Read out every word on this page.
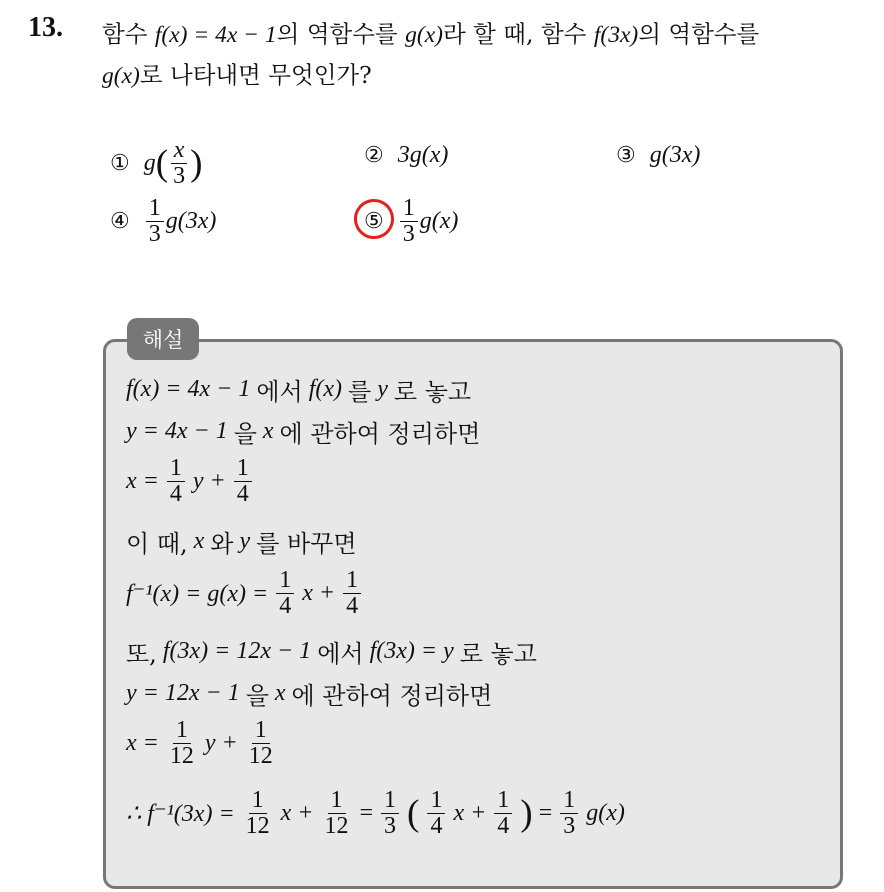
13. 함수 f(x) = 4x − 1의 역함수를 g(x)라 할 때, 함수 f(3x)의 역함수를
g(x)로 나타내면 무엇인가?
① g ( $\frac{x}{3}$ )	② 3g(x)	③ g(3x)
④ $\frac{1}{3} g(3x)$	⑤ $\frac{1}{3} g(x)$
해설
f(x) = 4x − 1 에서 f(x) 를 y 로 놓고
y = 4x − 1 을 x 에 관하여 정리하면
$x = \frac{1}{4}$ $y + \frac{1}{4}$
이 때, x 와 y 를 바꾸면
$f^{-1}(x) = g(x) = \frac{1}{4}$ $x + \frac{1}{4}$
또, f(3x) = 12x − 1 에서 f(3x) = y 로 놓고
y = 12x − 1 을 x 에 관하여 정리하면
$x = \frac{1}{12}$ $y + \frac{1}{12}$
∴ $f^{-1}(3x) = \frac{1}{12}$ $x + \frac{1}{12} = \frac{1}{3}$ ( $\frac{1}{4}$ $x + \frac{1}{4}$ ) = $\frac{1}{3} g(x)$
